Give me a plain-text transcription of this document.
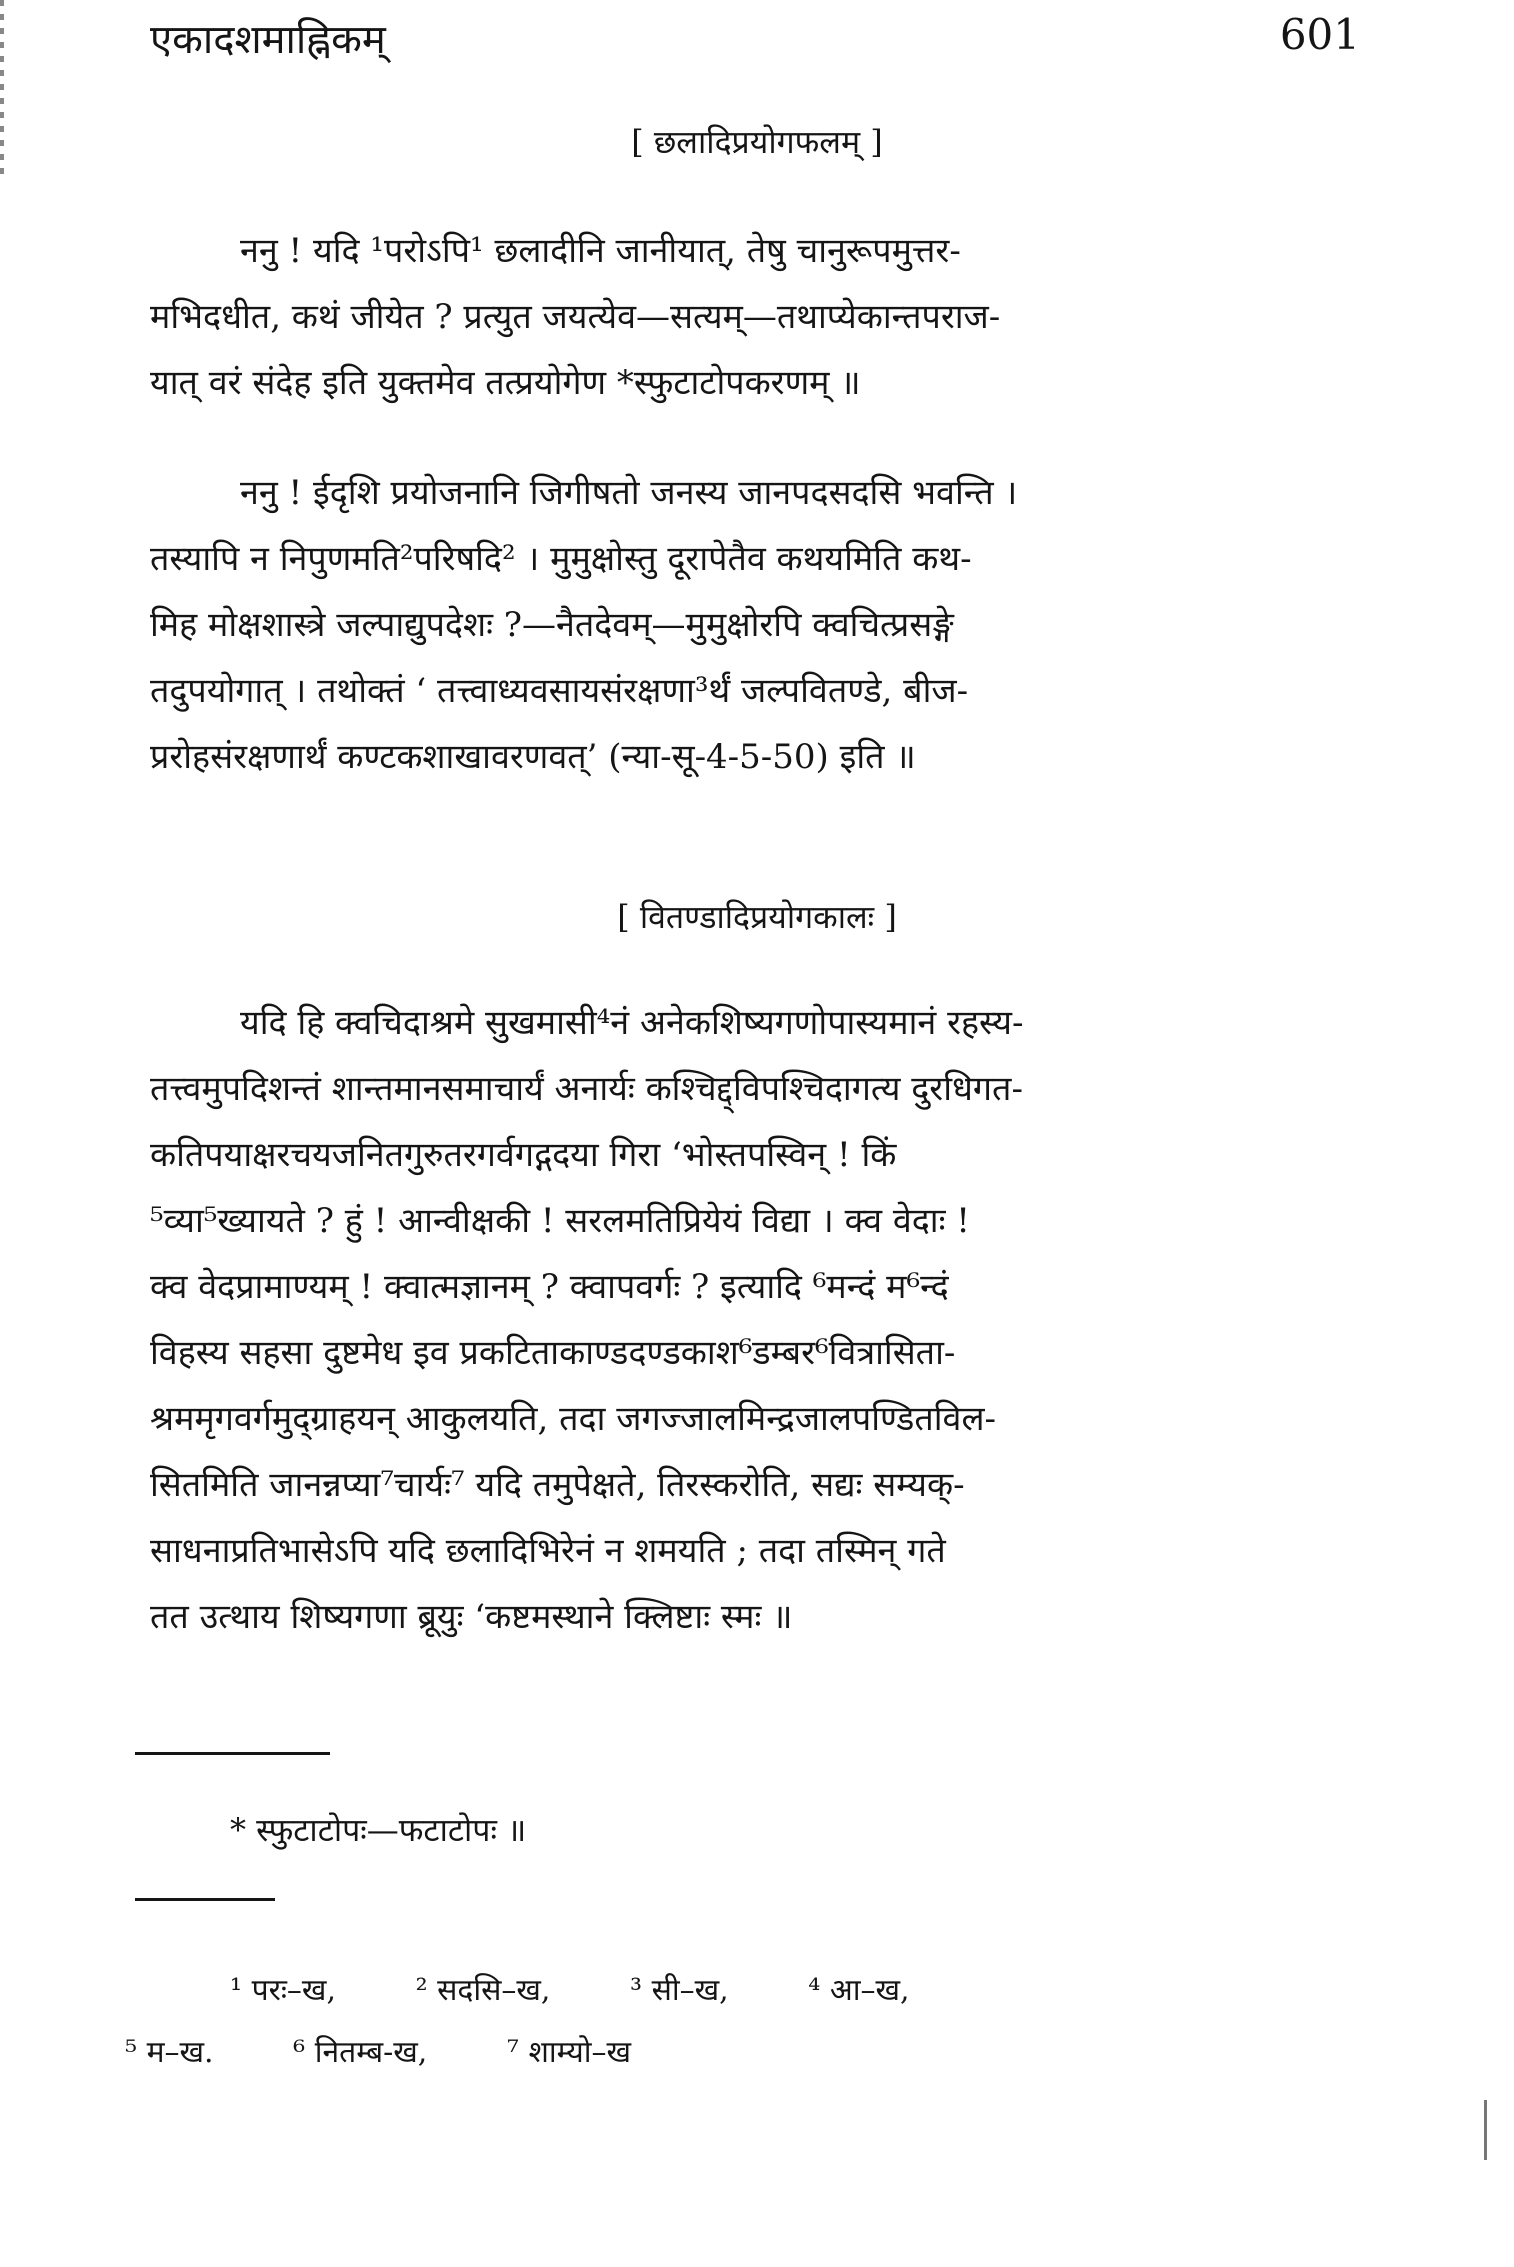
एकादशमाह्निकम्	601
[ छलादिप्रयोगफलम् ]

ननु ! यदि ¹परोऽपि¹ छलादीनि जानीयात्, तेषु चानुरूपमुत्तर-
मभिदधीत, कथं जीयेत ? प्रत्युत जयत्येव—सत्यम्—तथाप्येकान्तपराज-
यात् वरं संदेह इति युक्तमेव तत्प्रयोगेण *स्फुटाटोपकरणम् ॥

ननु ! ईदृशि प्रयोजनानि जिगीषतो जनस्य जानपदसदसि भवन्ति ।
तस्यापि न निपुणमति²परिषदि² । मुमुक्षोस्तु दूरापेतैव कथयमिति कथ-
मिह मोक्षशास्त्रे जल्पाद्युपदेशः ?—नैतदेवम्—मुमुक्षोरपि क्वचित्प्रसङ्गे
तदुपयोगात् । तथोक्तं ‘ तत्त्वाध्यवसायसंरक्षणा³र्थं जल्पवितण्डे, बीज-
प्ररोहसंरक्षणार्थं कण्टकशाखावरणवत्’ (न्या-सू-4-5-50) इति ॥

[ वितण्डादिप्रयोगकालः ]

यदि हि क्वचिदाश्रमे सुखमासी⁴नं अनेकशिष्यगणोपास्यमानं रहस्य-
तत्त्वमुपदिशन्तं शान्तमानसमाचार्यं अनार्यः कश्चिद्द्विपश्चिदागत्य दुरधिगत-
कतिपयाक्षरचयजनितगुरुतरगर्वगद्गदया गिरा ‘भोस्तपस्विन् ! किं
⁵व्या⁵ख्यायते ? हुं ! आन्वीक्षकी ! सरलमतिप्रियेयं विद्या । क्व वेदाः !
क्व वेदप्रामाण्यम् ! क्वात्मज्ञानम् ? क्वापवर्गः ? इत्यादि ⁶मन्दं म⁶न्दं
विहस्य सहसा दुष्टमेध इव प्रकटिताकाण्डदण्डकाश⁶डम्बर⁶वित्रासिता-
श्रममृगवर्गमुद्ग्राहयन् आकुलयति, तदा जगज्जालमिन्द्रजालपण्डितविल-
सितमिति जानन्नप्या⁷चार्यः⁷ यदि तमुपेक्षते, तिरस्करोति, सद्यः सम्यक्-
साधनाप्रतिभासेऽपि यदि छलादिभिरेनं न शमयति ; तदा तस्मिन् गते
तत उत्थाय शिष्यगणा ब्रूयुः ‘कष्टमस्थाने क्लिष्टाः स्मः ॥

* स्फुटाटोपः—फटाटोपः ॥
¹ परः–ख,	² सदसि–ख,	³ सी–ख,	⁴ आ–ख,
⁵ म–ख.	⁶ नितम्ब-ख,	⁷ शाम्यो–ख
